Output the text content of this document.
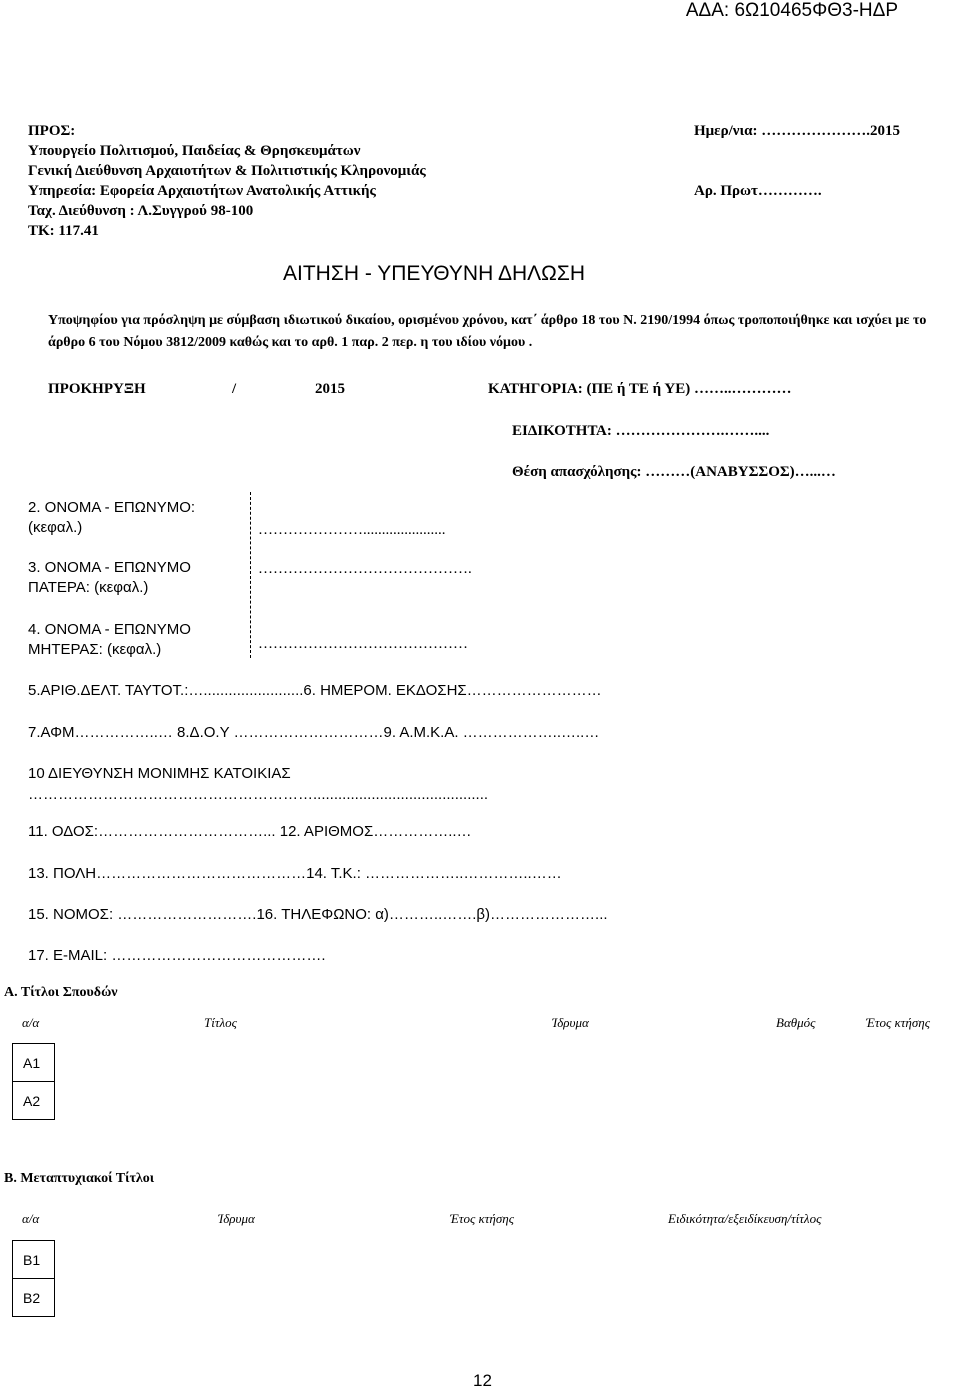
ΑΔΑ: 6Ω10465ΦΘ3-ΗΔΡ
ΠΡΟΣ:
Υπουργείο Πολιτισμού, Παιδείας & Θρησκευμάτων
Γενική Διεύθυνση Αρχαιοτήτων & Πολιτιστικής Κληρονομιάς
Υπηρεσία: Εφορεία Αρχαιοτήτων Ανατολικής Αττικής
Ταχ. Διεύθυνση : Λ.Συγγρού 98-100
ΤΚ: 117.41
Ημερ/νια: ………………….2015
Αρ. Πρωτ………….
ΑΙΤΗΣΗ - ΥΠΕΥΘΥΝΗ ΔΗΛΩΣΗ
Υποψηφίου για πρόσληψη με σύμβαση ιδιωτικού δικαίου, ορισμένου χρόνου, κατ΄ άρθρο 18 του Ν. 2190/1994 όπως τροποποιήθηκε και ισχύει με το άρθρο 6 του Νόμου 3812/2009 καθώς και το αρθ. 1 παρ. 2 περ. η του ιδίου νόμου .
ΠΡΟΚΗΡΥΞΗ	/	2015	ΚΑΤΗΓΟΡΙΑ: (ΠΕ ή ΤΕ ή ΥΕ) ……..…………
ΕΙΔΙΚΟΤΗΤΑ: ………………….……....
Θέση απασχόλησης: ………(ΑΝΑΒΥΣΣΟΣ)…...…
2. ΟΝΟΜΑ - ΕΠΩΝΥΜΟ:
(κεφαλ.)	…………………......................
3. ΟΝΟΜΑ - ΕΠΩΝΥΜΟ
ΠΑΤΕΡΑ: (κεφαλ.)
…………………………………….
4. ΟΝΟΜΑ - ΕΠΩΝΥΜΟ
ΜΗΤΕΡΑΣ: (κεφαλ.)	……………………………………
5.ΑΡΙΘ.ΔΕΛΤ. ΤΑΥΤΟΤ.:…........................6. ΗΜΕΡΟΜ. ΕΚΔΟΣΗΣ………………………
7.ΑΦΜ……………..… 8.Δ.Ο.Υ …………………………9. Α.Μ.Κ.Α. ………………..…..…
10 ΔΙΕΥΘΥΝΣΗ ΜΟΝΙΜΗΣ ΚΑΤΟΙΚΙΑΣ
…………………………………………………..........................................
11. ΟΔΟΣ:……………………………... 12. ΑΡΙΘΜΟΣ……………..…
13. ΠΟΛΗ……………………………………14. Τ.Κ.: ………………..…………..……
15. ΝΟΜΟΣ: ……………………….16. ΤΗΛΕΦΩΝΟ: α)………..…….β)…………………...
17. E-MAIL: …………………………………….
Α. Τίτλοι Σπουδών
α/α	Τίτλος	Ίδρυμα	Βαθμός	Έτος κτήσης
Α1
Α2
Β. Μεταπτυχιακοί Τίτλοι
α/α	Ίδρυμα	Έτος κτήσης	Ειδικότητα/εξειδίκευση/τίτλος
Β1
Β2
12
